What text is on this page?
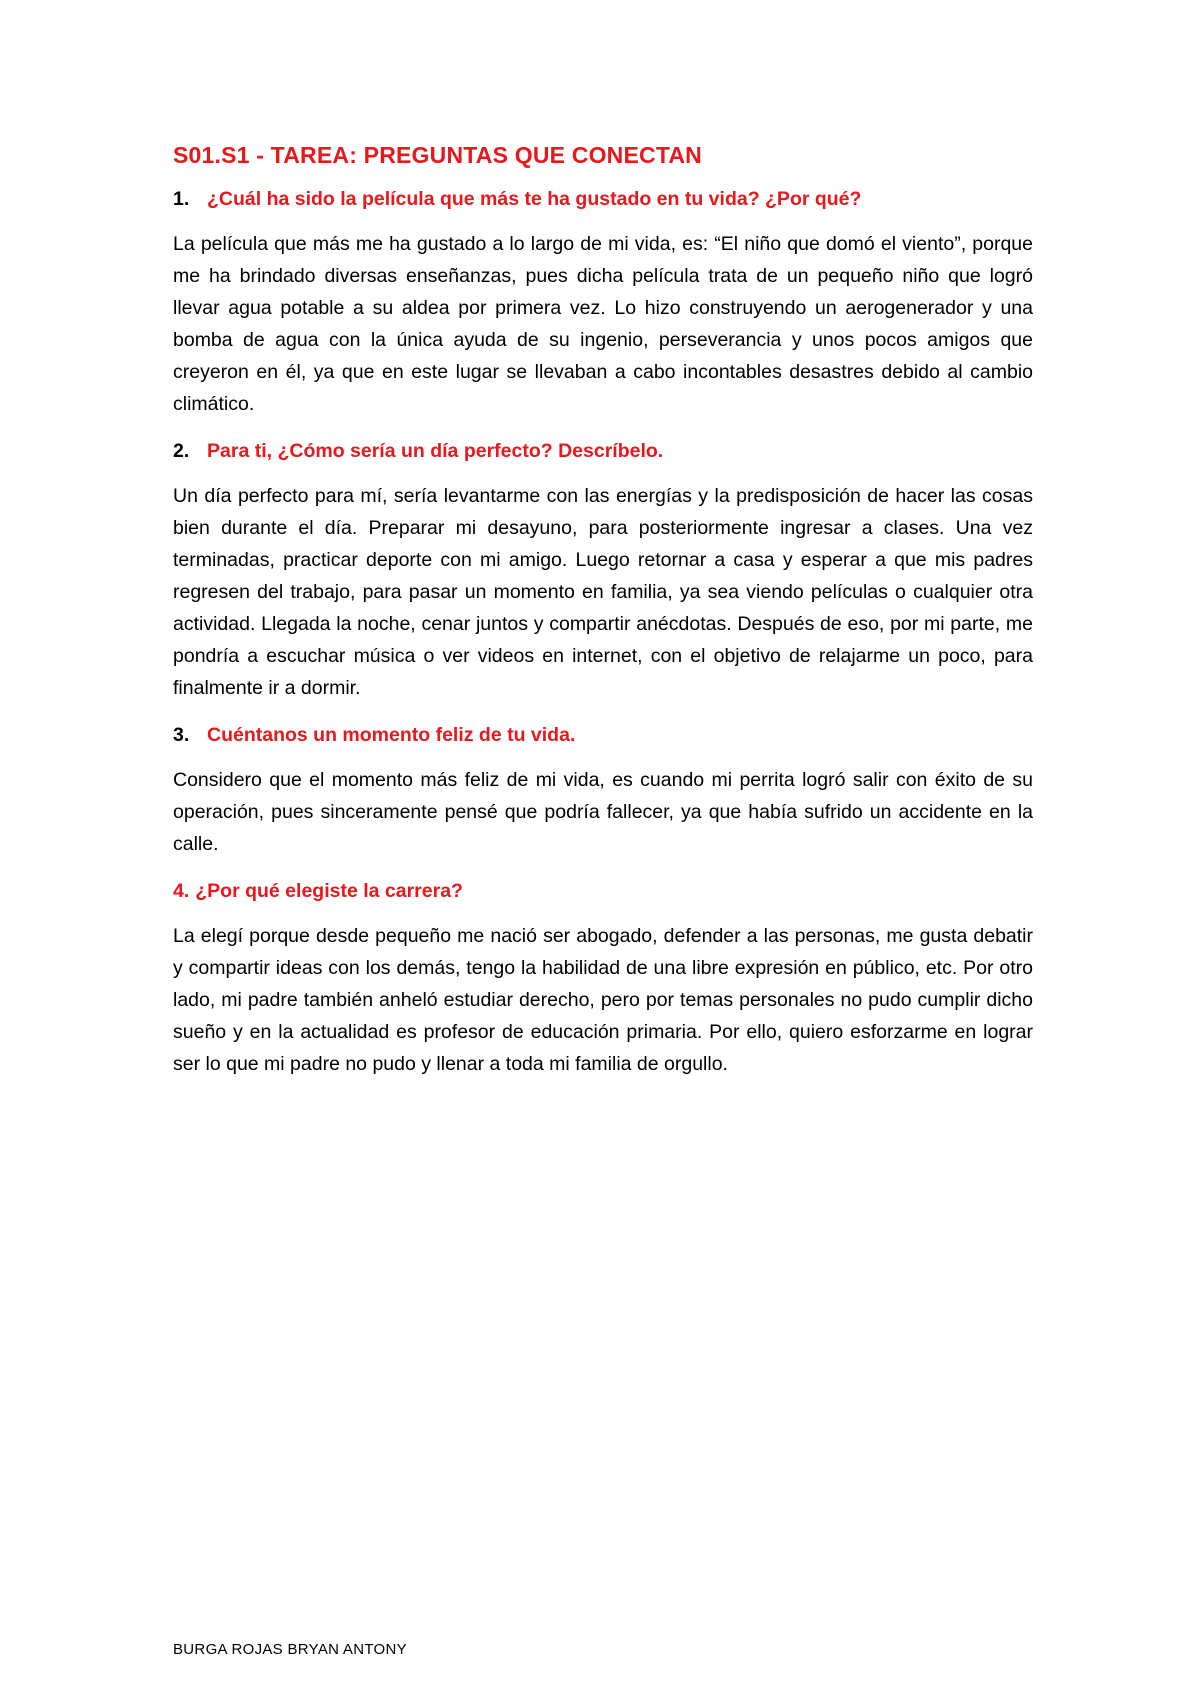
S01.S1 - TAREA: PREGUNTAS QUE CONECTAN
1. ¿Cuál ha sido la película que más te ha gustado en tu vida? ¿Por qué?

La película que más me ha gustado a lo largo de mi vida, es: “El niño que domó el viento”, porque me ha brindado diversas enseñanzas, pues dicha película trata de un pequeño niño que logró llevar agua potable a su aldea por primera vez. Lo hizo construyendo un aerogenerador y una bomba de agua con la única ayuda de su ingenio, perseverancia y unos pocos amigos que creyeron en él, ya que en este lugar se llevaban a cabo incontables desastres debido al cambio climático.

2. Para ti, ¿Cómo sería un día perfecto? Descríbelo.

Un día perfecto para mí, sería levantarme con las energías y la predisposición de hacer las cosas bien durante el día. Preparar mi desayuno, para posteriormente ingresar a clases. Una vez terminadas, practicar deporte con mi amigo. Luego retornar a casa y esperar a que mis padres regresen del trabajo, para pasar un momento en familia, ya sea viendo películas o cualquier otra actividad. Llegada la noche, cenar juntos y compartir anécdotas. Después de eso, por mi parte, me pondría a escuchar música o ver videos en internet, con el objetivo de relajarme un poco, para finalmente ir a dormir.

3. Cuéntanos un momento feliz de tu vida.

Considero que el momento más feliz de mi vida, es cuando mi perrita logró salir con éxito de su operación, pues sinceramente pensé que podría fallecer, ya que había sufrido un accidente en la calle.

4. ¿Por qué elegiste la carrera?

La elegí porque desde pequeño me nació ser abogado, defender a las personas, me gusta debatir y compartir ideas con los demás, tengo la habilidad de una libre expresión en público, etc. Por otro lado, mi padre también anheló estudiar derecho, pero por temas personales no pudo cumplir dicho sueño y en la actualidad es profesor de educación primaria. Por ello, quiero esforzarme en lograr ser lo que mi padre no pudo y llenar a toda mi familia de orgullo.

BURGA ROJAS BRYAN ANTONY
